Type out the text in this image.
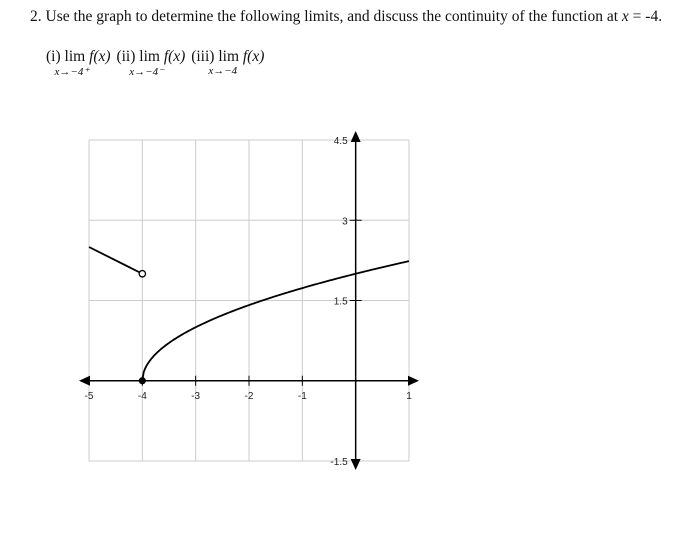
2. Use the graph to determine the following limits, and discuss the continuity of the function at x = -4.
(i) lim
x→−4⁺
f(x) (ii) lim
x→−4⁻
f(x) (iii) lim
x→−4
f(x)
-5	-4	-3	-2	-1	1
4.5
3
1.5
-1.5
